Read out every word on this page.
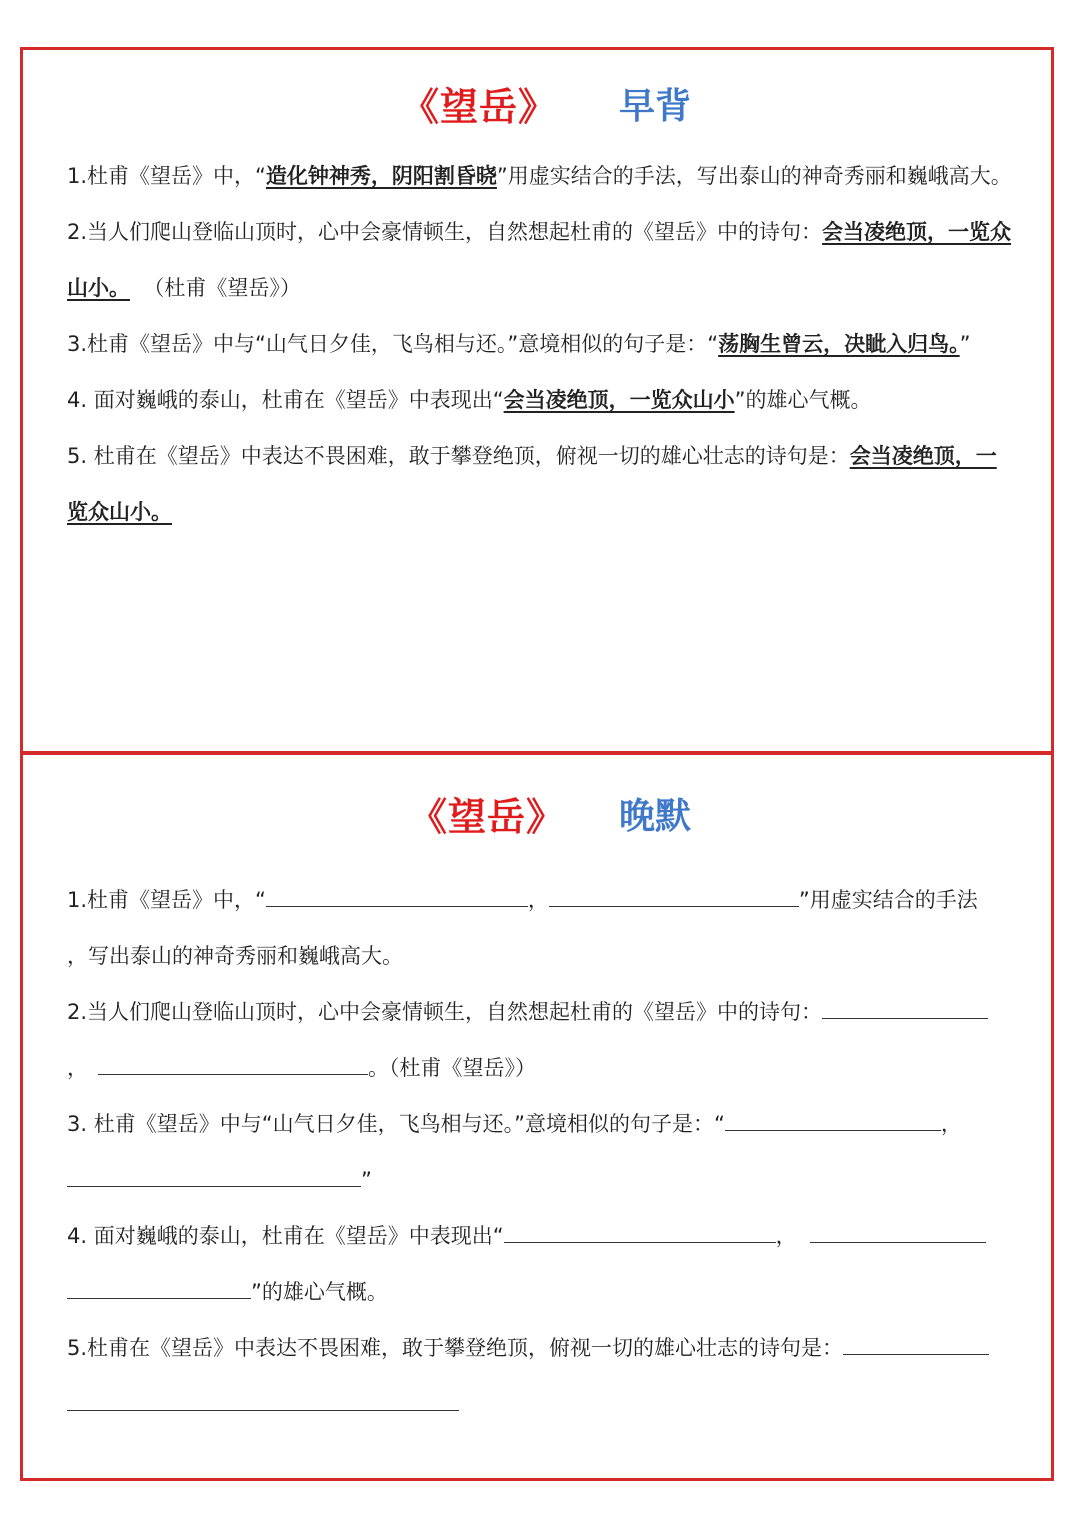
《望岳》 早背

1.杜甫《望岳》中，“造化钟神秀，阴阳割昏晓”用虚实结合的手法，写出泰山的神奇秀丽和巍峨高大。

2.当人们爬山登临山顶时，心中会豪情顿生，自然想起杜甫的《望岳》中的诗句：会当凌绝顶，一览众山小。 （杜甫《望岳》）

3.杜甫《望岳》中与“山气日夕佳，飞鸟相与还。”意境相似的句子是：“荡胸生曾云，决眦入归鸟。”

4. 面对巍峨的泰山，杜甫在《望岳》中表现出“会当凌绝顶，一览众山小”的雄心气概。

5. 杜甫在《望岳》中表达不畏困难，敢于攀登绝顶，俯视一切的雄心壮志的诗句是：会当凌绝顶，一览众山小。

《望岳》 晚默

1.杜甫《望岳》中，“	，	”用虚实结合的手法
，写出泰山的神奇秀丽和巍峨高大。

2.当人们爬山登临山顶时，心中会豪情顿生，自然想起杜甫的《望岳》中的诗句：
，	。（杜甫《望岳》）

3. 杜甫《望岳》中与“山气日夕佳，飞鸟相与还。”意境相似的句子是：“	，
”

4. 面对巍峨的泰山，杜甫在《望岳》中表现出“	，
”的雄心气概。

5.杜甫在《望岳》中表达不畏困难，敢于攀登绝顶，俯视一切的雄心壮志的诗句是：
